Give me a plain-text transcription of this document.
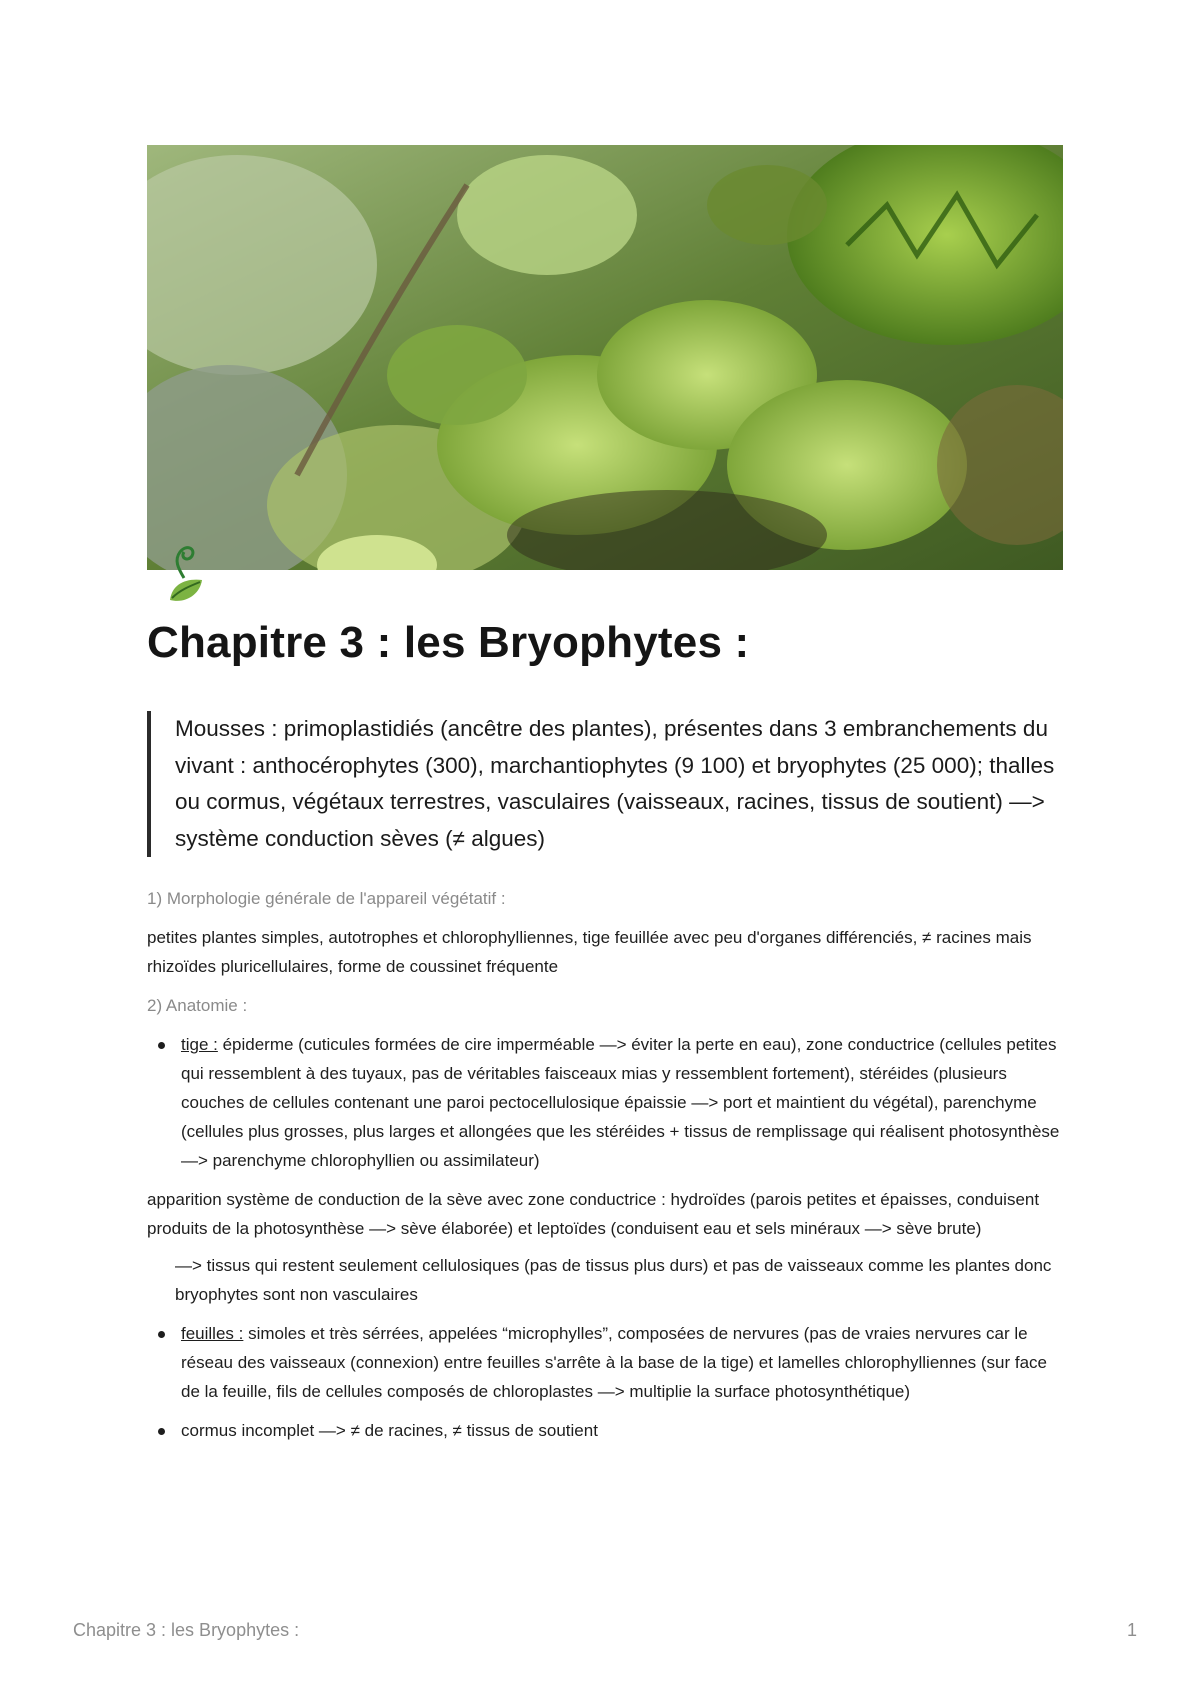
Chapitre 3 : les Bryophytes :
Mousses : primoplastidiés (ancêtre des plantes), présentes dans 3 embranchements du vivant : anthocérophytes (300), marchantiophytes (9 100) et bryophytes (25 000); thalles ou cormus, végétaux terrestres, vasculaires (vaisseaux, racines, tissus de soutient) —> système conduction sèves (≠ algues)

1) Morphologie générale de l'appareil végétatif :

petites plantes simples, autotrophes et chlorophylliennes, tige feuillée avec peu d'organes différenciés, ≠ racines mais rhizoïdes pluricellulaires, forme de coussinet fréquente

2) Anatomie :

tige : épiderme (cuticules formées de cire imperméable —> éviter la perte en eau), zone conductrice (cellules petites qui ressemblent à des tuyaux, pas de véritables faisceaux mias y ressemblent fortement), stéréides (plusieurs couches de cellules contenant une paroi pectocellulosique épaissie —> port et maintient du végétal), parenchyme (cellules plus grosses, plus larges et allongées que les stéréides + tissus de remplissage qui réalisent photosynthèse —> parenchyme chlorophyllien ou assimilateur)

apparition système de conduction de la sève avec zone conductrice : hydroïdes (parois petites et épaisses, conduisent produits de la photosynthèse —> sève élaborée) et leptoïdes (conduisent eau et sels minéraux —> sève brute)

—> tissus qui restent seulement cellulosiques (pas de tissus plus durs) et pas de vaisseaux comme les plantes donc bryophytes sont non vasculaires

feuilles : simoles et très sérrées, appelées “microphylles”, composées de nervures (pas de vraies nervures car le réseau des vaisseaux (connexion) entre feuilles s'arrête à la base de la tige) et lamelles chlorophylliennes (sur face de la feuille, fils de cellules composés de chloroplastes —> multiplie la surface photosynthétique)
cormus incomplet —> ≠ de racines, ≠ tissus de soutient
Chapitre 3 : les Bryophytes :	1
